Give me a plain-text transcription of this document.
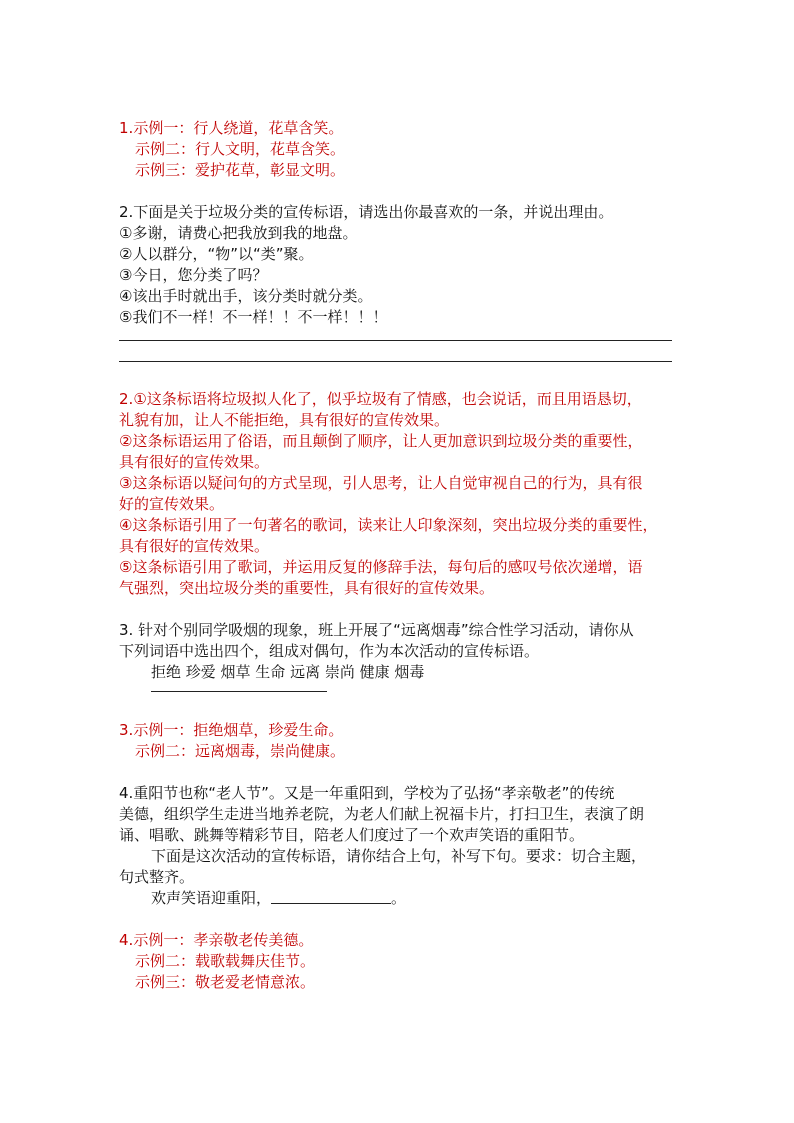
1.示例一：行人绕道，花草含笑。
示例二：行人文明，花草含笑。
示例三：爱护花草，彰显文明。
2.下面是关于垃圾分类的宣传标语，请选出你最喜欢的一条，并说出理由。
①多谢，请费心把我放到我的地盘。
②人以群分，“物”以“类”聚。
③今日，您分类了吗？
④该出手时就出手，该分类时就分类。
⑤我们不一样！不一样！！不一样！！！
2.①这条标语将垃圾拟人化了，似乎垃圾有了情感，也会说话，而且用语恳切，
礼貌有加，让人不能拒绝，具有很好的宣传效果。
②这条标语运用了俗语，而且颠倒了顺序，让人更加意识到垃圾分类的重要性，
具有很好的宣传效果。
③这条标语以疑问句的方式呈现，引人思考，让人自觉审视自己的行为，具有很
好的宣传效果。
④这条标语引用了一句著名的歌词，读来让人印象深刻，突出垃圾分类的重要性，
具有很好的宣传效果。
⑤这条标语引用了歌词，并运用反复的修辞手法，每句后的感叹号依次递增，语
气强烈，突出垃圾分类的重要性，具有很好的宣传效果。
3. 针对个别同学吸烟的现象，班上开展了“远离烟毒”综合性学习活动，请你从
下列词语中选出四个，组成对偶句，作为本次活动的宣传标语。
拒绝 珍爱 烟草 生命 远离 崇尚 健康 烟毒
3.示例一：拒绝烟草，珍爱生命。
示例二：远离烟毒，崇尚健康。
4.重阳节也称“老人节”。又是一年重阳到，学校为了弘扬“孝亲敬老”的传统
美德，组织学生走进当地养老院，为老人们献上祝福卡片，打扫卫生，表演了朗
诵、唱歌、跳舞等精彩节目，陪老人们度过了一个欢声笑语的重阳节。
下面是这次活动的宣传标语，请你结合上句，补写下句。要求：切合主题，
句式整齐。
欢声笑语迎重阳，	。
4.示例一：孝亲敬老传美德。
示例二：载歌载舞庆佳节。
示例三：敬老爱老情意浓。
